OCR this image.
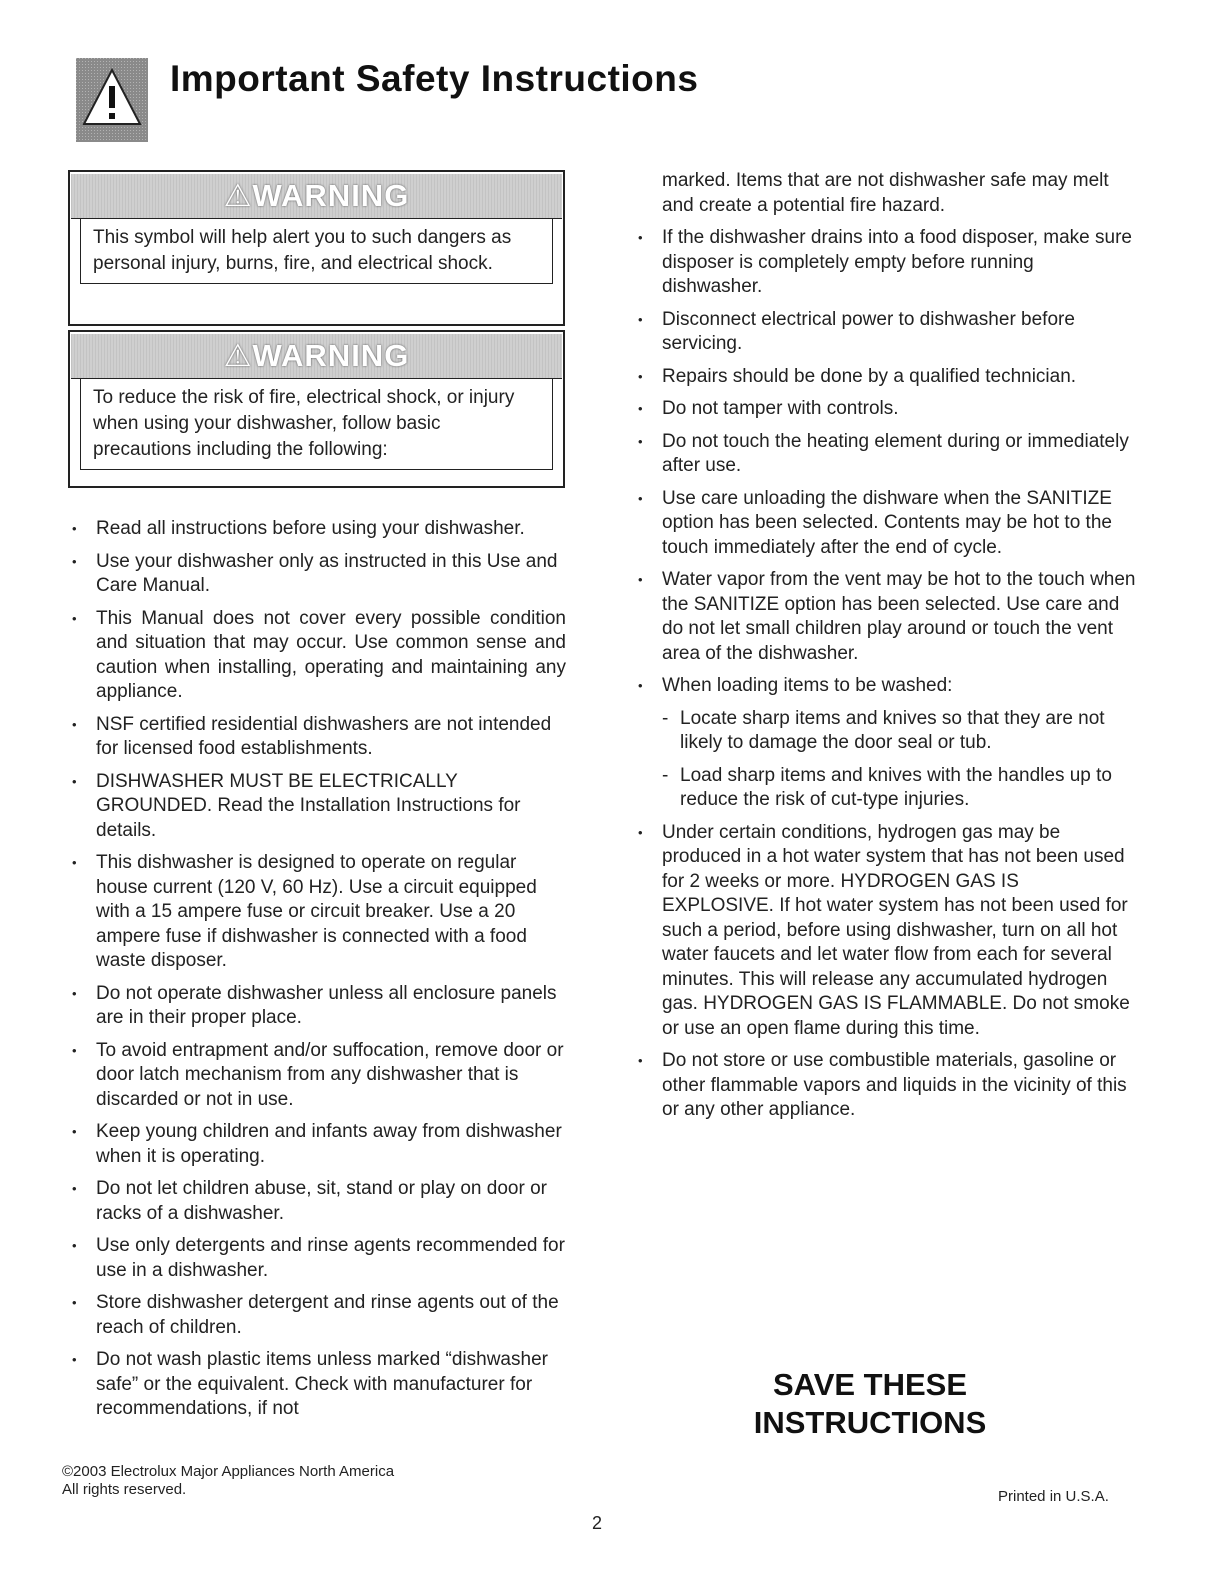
Important Safety Instructions
⚠WARNING

This symbol will help alert you to such dangers as personal injury, burns, fire, and electrical shock.

⚠WARNING

To reduce the risk of fire, electrical shock, or injury when using your dishwasher, follow basic precautions including the following:

• Read all instructions before using your dishwasher.
• Use your dishwasher only as instructed in this Use and Care Manual.
• This Manual does not cover every possible condition and situation that may occur. Use common sense and caution when installing, operating and maintaining any appliance.
• NSF certified residential dishwashers are not intended for licensed food establishments.
• DISHWASHER MUST BE ELECTRICALLY GROUNDED. Read the Installation Instructions for details.
• This dishwasher is designed to operate on regular house current (120 V, 60 Hz). Use a circuit equipped with a 15 ampere fuse or circuit breaker. Use a 20 ampere fuse if dishwasher is connected with a food waste disposer.
• Do not operate dishwasher unless all enclosure panels are in their proper place.
• To avoid entrapment and/or suffocation, remove door or door latch mechanism from any dishwasher that is discarded or not in use.
• Keep young children and infants away from dishwasher when it is operating.
• Do not let children abuse, sit, stand or play on door or racks of a dishwasher.
• Use only detergents and rinse agents recommended for use in a dishwasher.
• Store dishwasher detergent and rinse agents out of the reach of children.
• Do not wash plastic items unless marked “dishwasher safe” or the equivalent. Check with manufacturer for recommendations, if not
marked. Items that are not dishwasher safe may melt and create a potential fire hazard.
• If the dishwasher drains into a food disposer, make sure disposer is completely empty before running dishwasher.
• Disconnect electrical power to dishwasher before servicing.
• Repairs should be done by a qualified technician.
• Do not tamper with controls.
• Do not touch the heating element during or immediately after use.
• Use care unloading the dishware when the SANITIZE option has been selected. Contents may be hot to the touch immediately after the end of cycle.
• Water vapor from the vent may be hot to the touch when the SANITIZE option has been selected. Use care and do not let small children play around or touch the vent area of the dishwasher.
• When loading items to be washed:
- Locate sharp items and knives so that they are not likely to damage the door seal or tub.
- Load sharp items and knives with the handles up to reduce the risk of cut-type injuries.
• Under certain conditions, hydrogen gas may be produced in a hot water system that has not been used for 2 weeks or more. HYDROGEN GAS IS EXPLOSIVE. If hot water system has not been used for such a period, before using dishwasher, turn on all hot water faucets and let water flow from each for several minutes. This will release any accumulated hydrogen gas. HYDROGEN GAS IS FLAMMABLE. Do not smoke or use an open flame during this time.
• Do not store or use combustible materials, gasoline or other flammable vapors and liquids in the vicinity of this or any other appliance.

SAVE THESE
INSTRUCTIONS

©2003 Electrolux Major Appliances North America
All rights reserved.	Printed in U.S.A.
2
